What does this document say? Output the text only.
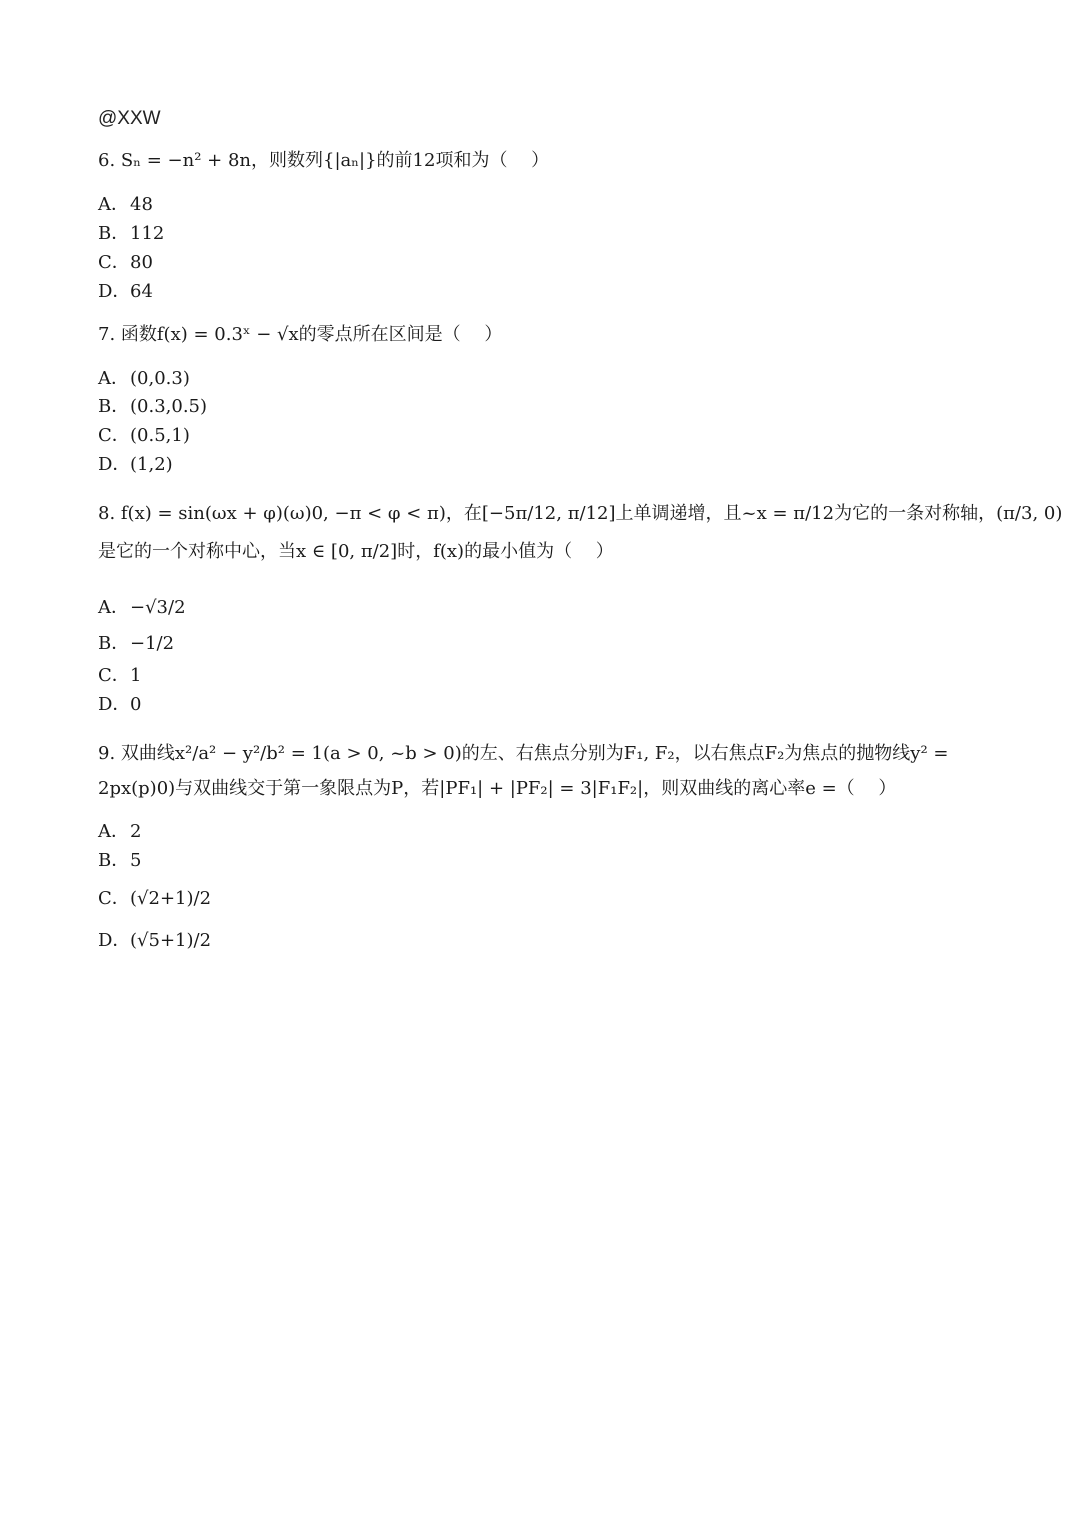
@XXW
6. Sₙ = −n² + 8n，则数列{|aₙ|}的前12项和为（　 ）
A．48
B．112
C．80
D．64
7. 函数f(x) = 0.3ˣ − √x的零点所在区间是（　 ）
A．(0,0.3)
B．(0.3,0.5)
C．(0.5,1)
D．(1,2)
8. f(x) = sin(ωx + φ)(ω)0, −π < φ < π)，在[−5π/12, π/12]上单调递增，且~x = π/12为它的一条对称轴，(π/3, 0)
是它的一个对称中心，当x ∈ [0, π/2]时，f(x)的最小值为（　 ）
A．−√3/2
B．−1/2
C．1
D．0
9. 双曲线x²/a² − y²/b² = 1(a > 0, ~b > 0)的左、右焦点分别为F₁, F₂，以右焦点F₂为焦点的抛物线y² =
2px(p)0)与双曲线交于第一象限点为P，若|PF₁| + |PF₂| = 3|F₁F₂|，则双曲线的离心率e =（　 ）
A．2
B．5
C．(√2+1)/2
D．(√5+1)/2
